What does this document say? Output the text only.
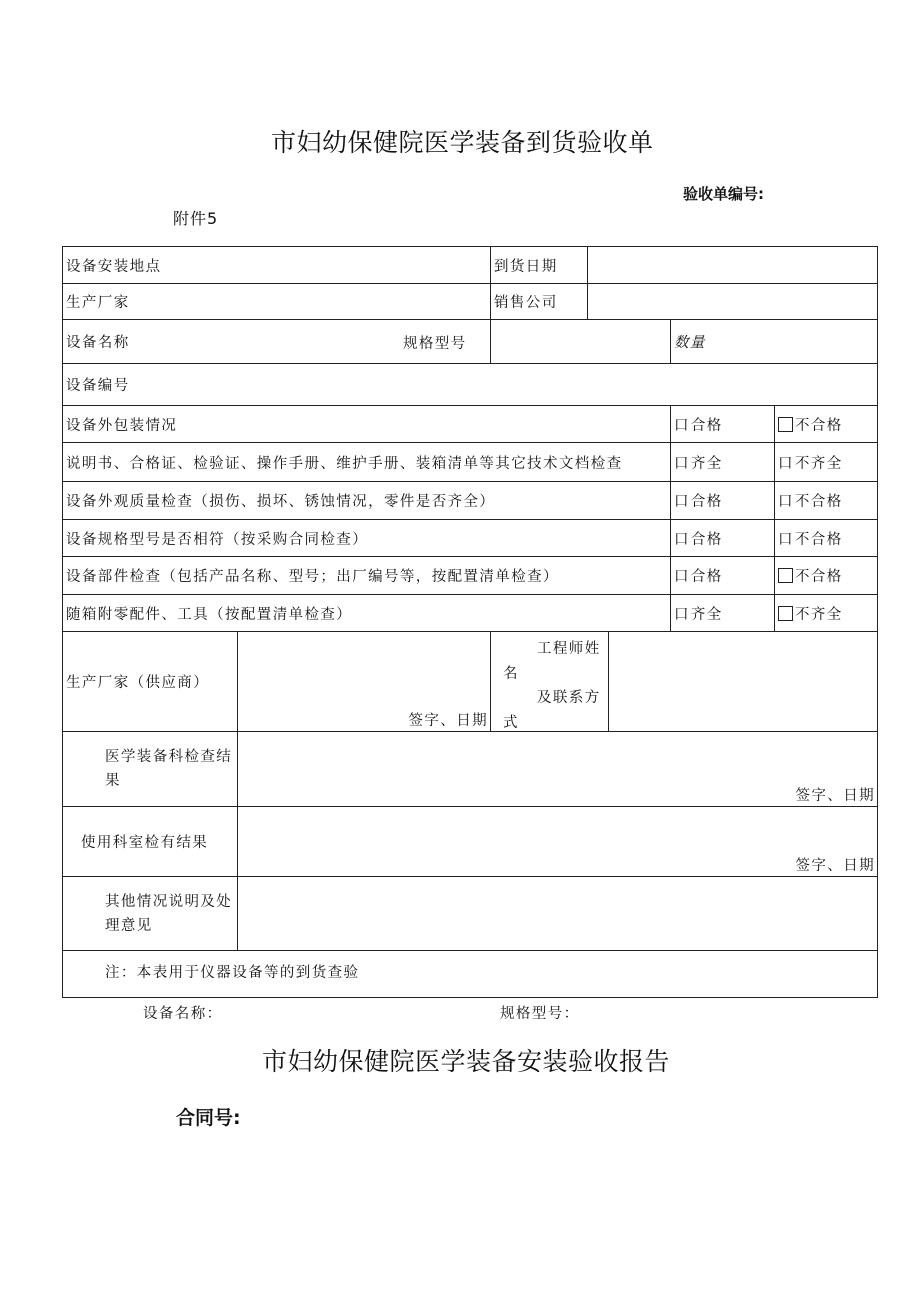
市妇幼保健院医学装备到货验收单
验收单编号:
附件5
设备安装地点		到货日期				
生产厂家		销售公司				
设备名称 规格型号					数量	
设备编号						
设备外包装情况					口合格	不合格
说明书、合格证、检验证、操作手册、维护手册、装箱清单等其它技术文档检查					口齐全	口不齐全
设备外观质量检查（损伤、损坏、锈蚀情况，零件是否齐全）					口合格	口不合格
设备规格型号是否相符（按采购合同检查）					口合格	口不合格
设备部件检查（包括产品名称、型号；出厂编号等，按配置清单检查）					口合格	不合格
随箱附零配件、工具（按配置清单检查）					口齐全	不齐全
生产厂家（供应商）	签字、日期	工程师姓
名
及联系方
式				

医学装备科检查结果	签字、日期					

使用科室检有结果	签字、日期					

其他情况说明及处理意见						
注：本表用于仪器设备等的到货查验						
设备名称：	规格型号：
市妇幼保健院医学装备安装验收报告
合同号:
